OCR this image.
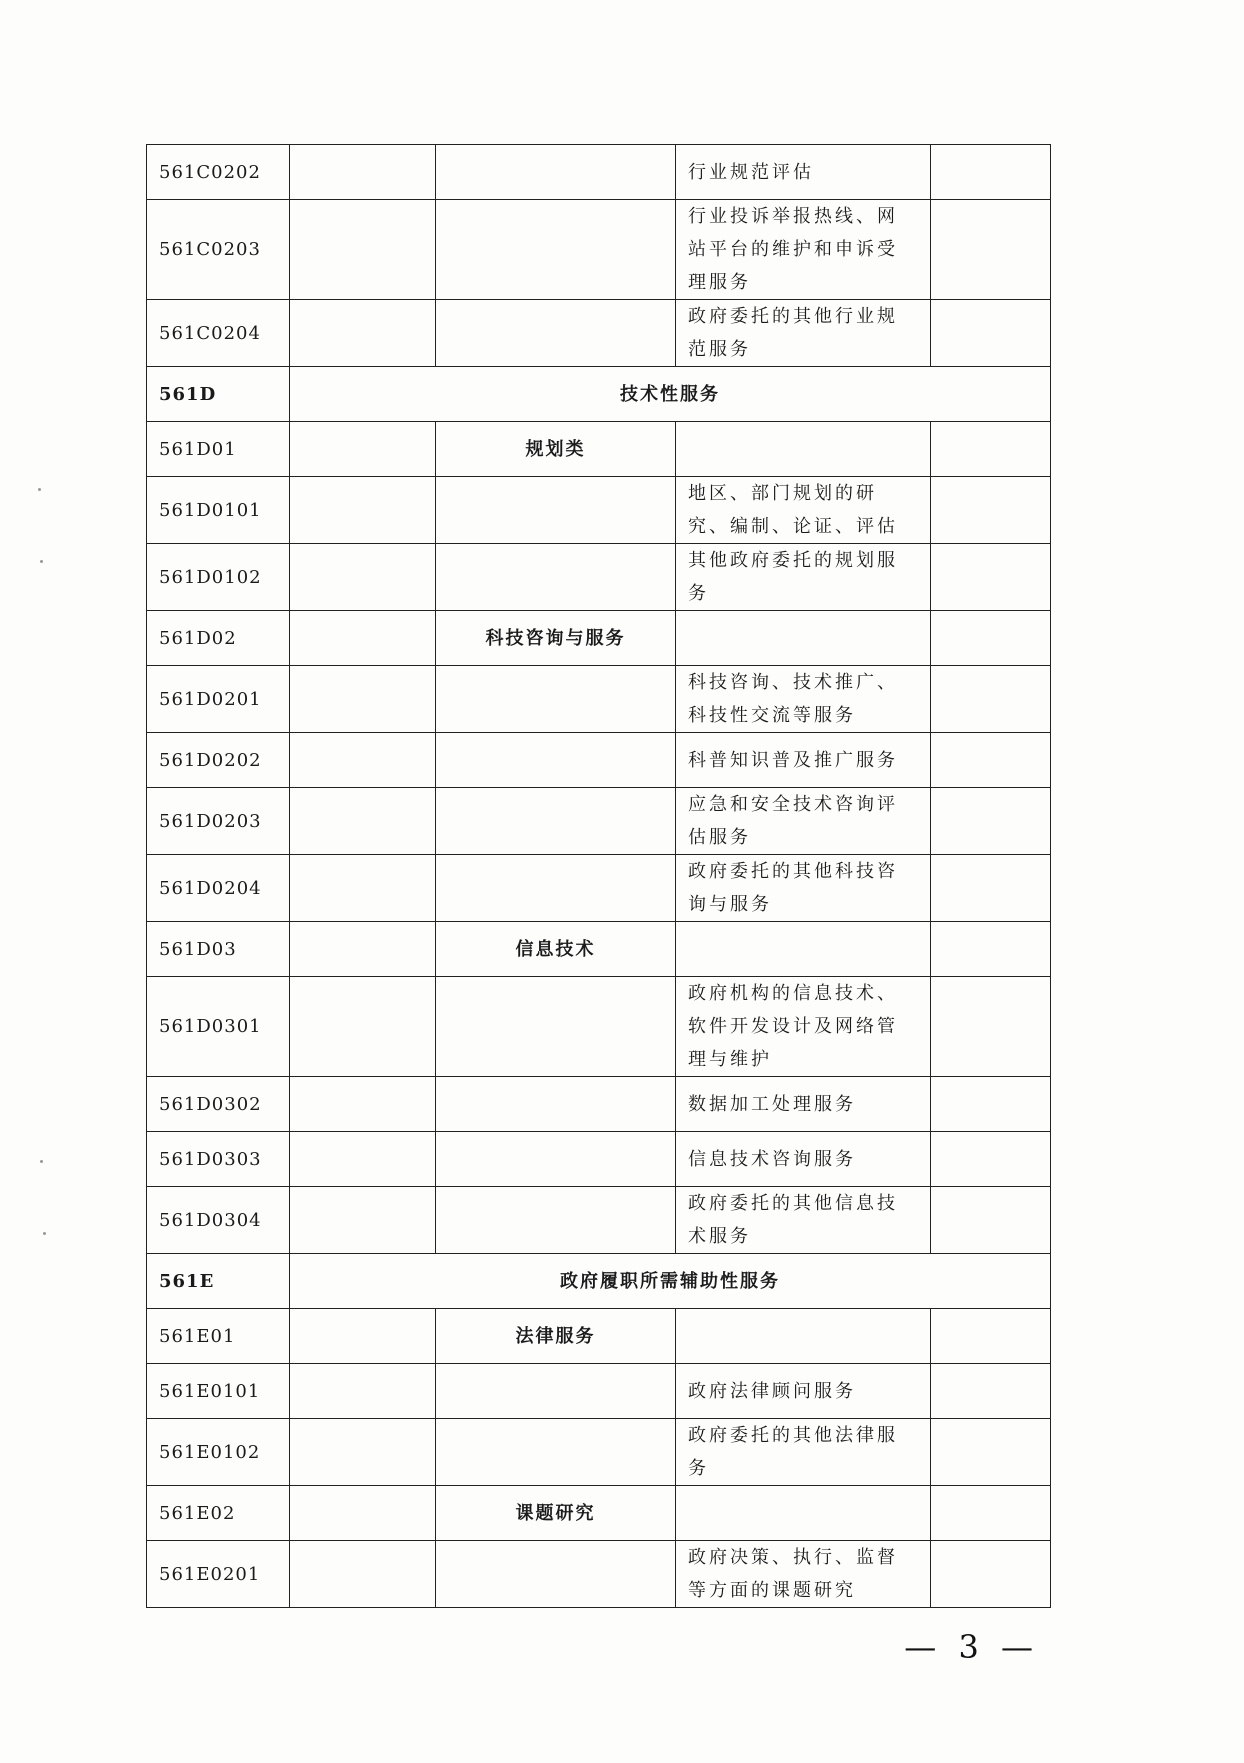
561C0202			行业规范评估	
561C0203			行业投诉举报热线、网站平台的维护和申诉受理服务	
561C0204			政府委托的其他行业规范服务	
561D	技术性服务			
561D01		规划类		
561D0101			地区、部门规划的研究、编制、论证、评估	
561D0102			其他政府委托的规划服务	
561D02		科技咨询与服务		
561D0201			科技咨询、技术推广、科技性交流等服务	
561D0202			科普知识普及推广服务	
561D0203			应急和安全技术咨询评估服务	
561D0204			政府委托的其他科技咨询与服务	
561D03		信息技术		
561D0301			政府机构的信息技术、软件开发设计及网络管理与维护	
561D0302			数据加工处理服务	
561D0303			信息技术咨询服务	
561D0304			政府委托的其他信息技术服务	
561E	政府履职所需辅助性服务			
561E01		法律服务		
561E0101			政府法律顾问服务	
561E0102			政府委托的其他法律服务	
561E02		课题研究		
561E0201			政府决策、执行、监督等方面的课题研究	
— 3 —
